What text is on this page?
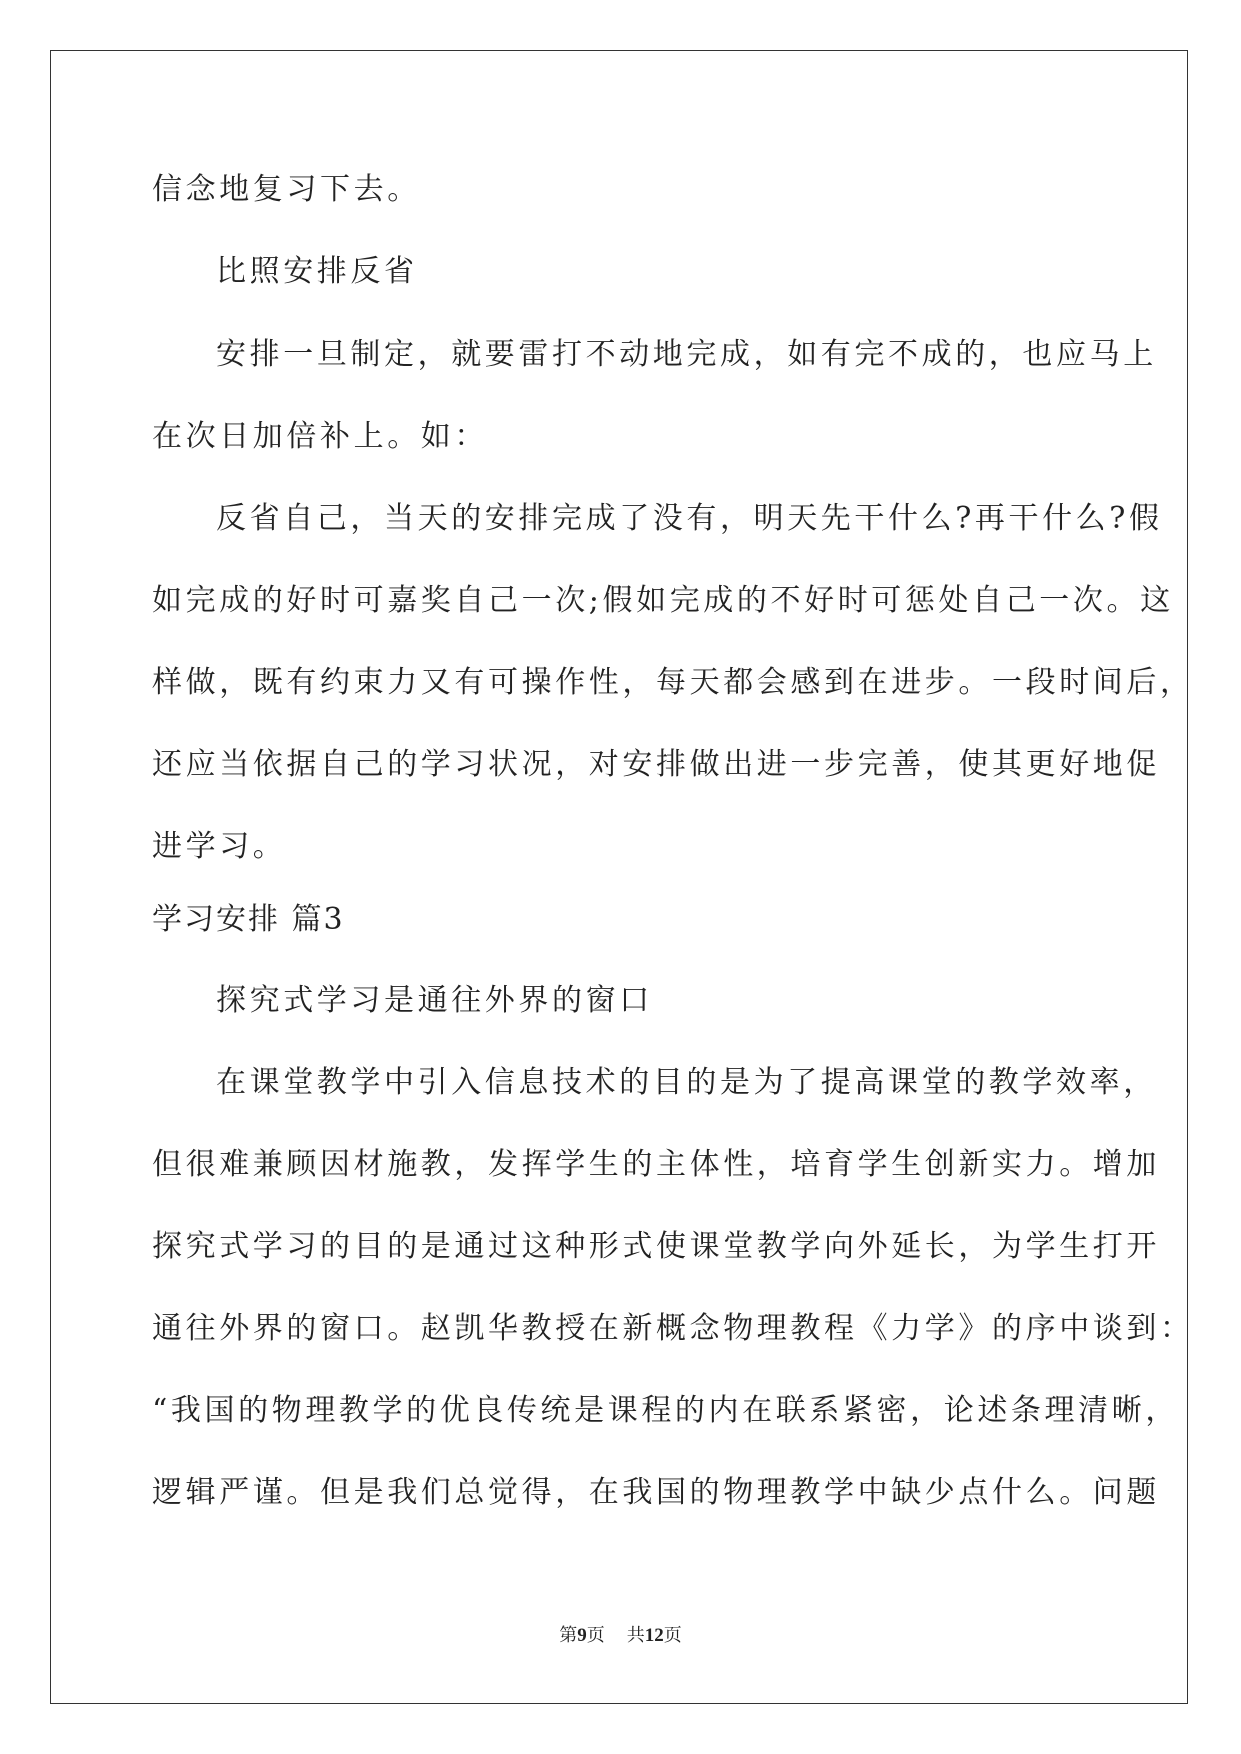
信念地复习下去。
比照安排反省
安排一旦制定，就要雷打不动地完成，如有完不成的，也应马上
在次日加倍补上。如：
反省自己，当天的安排完成了没有，明天先干什么?再干什么?假
如完成的好时可嘉奖自己一次;假如完成的不好时可惩处自己一次。这
样做，既有约束力又有可操作性，每天都会感到在进步。一段时间后，
还应当依据自己的学习状况，对安排做出进一步完善，使其更好地促
进学习。
学习安排 篇3
探究式学习是通往外界的窗口
在课堂教学中引入信息技术的目的是为了提高课堂的教学效率，
但很难兼顾因材施教，发挥学生的主体性，培育学生创新实力。增加
探究式学习的目的是通过这种形式使课堂教学向外延长，为学生打开
通往外界的窗口。赵凯华教授在新概念物理教程《力学》的序中谈到：
“我国的物理教学的优良传统是课程的内在联系紧密，论述条理清晰，
逻辑严谨。但是我们总觉得，在我国的物理教学中缺少点什么。问题
第9页 共12页
